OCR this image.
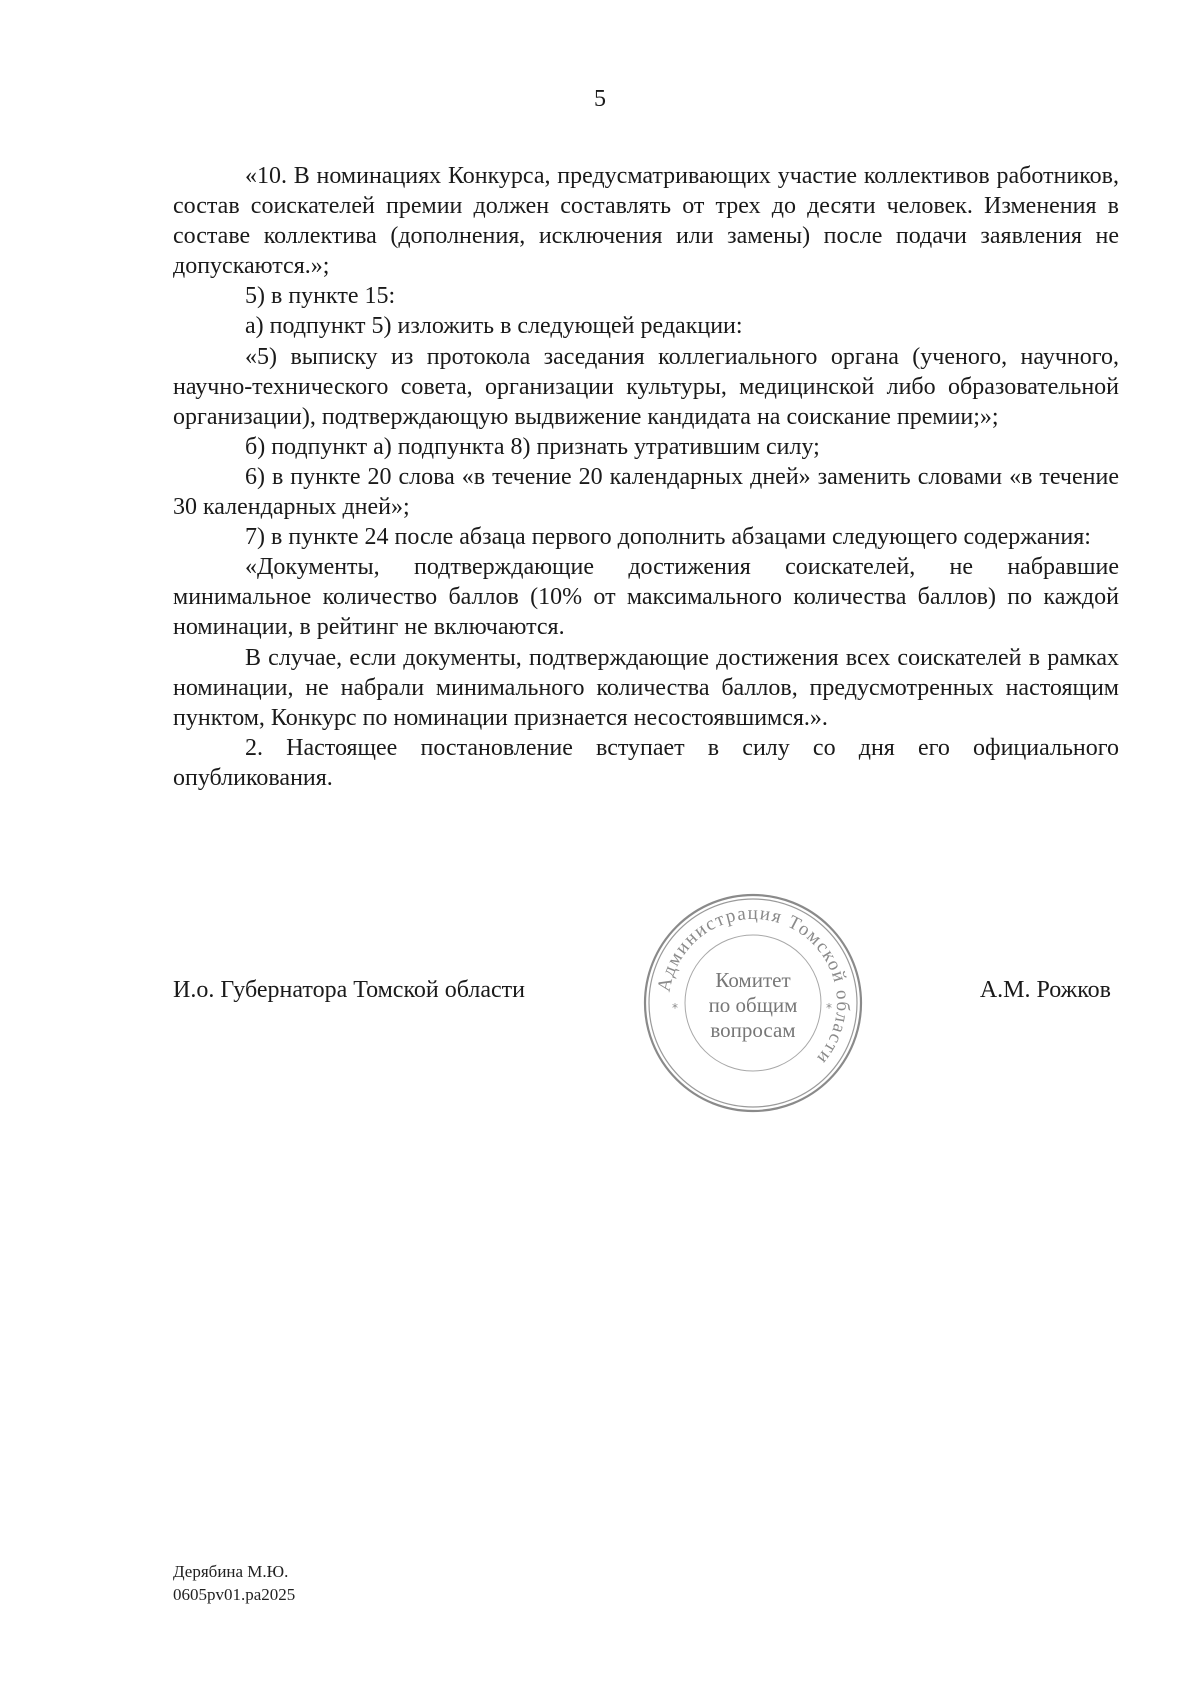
5

«10. В номинациях Конкурса, предусматривающих участие коллективов работников, состав соискателей премии должен составлять от трех до десяти человек. Изменения в составе коллектива (дополнения, исключения или замены) после подачи заявления не допускаются.»;

5) в пункте 15:

а) подпункт 5) изложить в следующей редакции:

«5) выписку из протокола заседания коллегиального органа (ученого, научного, научно-технического совета, организации культуры, медицинской либо образовательной организации), подтверждающую выдвижение кандидата на соискание премии;»;

б) подпункт а) подпункта 8) признать утратившим силу;

6) в пункте 20 слова «в течение 20 календарных дней» заменить словами «в течение 30 календарных дней»;

7) в пункте 24 после абзаца первого дополнить абзацами следующего содержания:

«Документы, подтверждающие достижения соискателей, не набравшие минимальное количество баллов (10% от максимального количества баллов) по каждой номинации, в рейтинг не включаются.

В случае, если документы, подтверждающие достижения всех соискателей в рамках номинации, не набрали минимального количества баллов, предусмотренных настоящим пунктом, Конкурс по номинации признается несостоявшимся.».

2. Настоящее постановление вступает в силу со дня его официального опубликования.

Администрация Томской области
*	*
Комитет
по общим
вопросам
И.о. Губернатора Томской области	А.М. Рожков
Дерябина М.Ю.
0605pv01.pa2025
